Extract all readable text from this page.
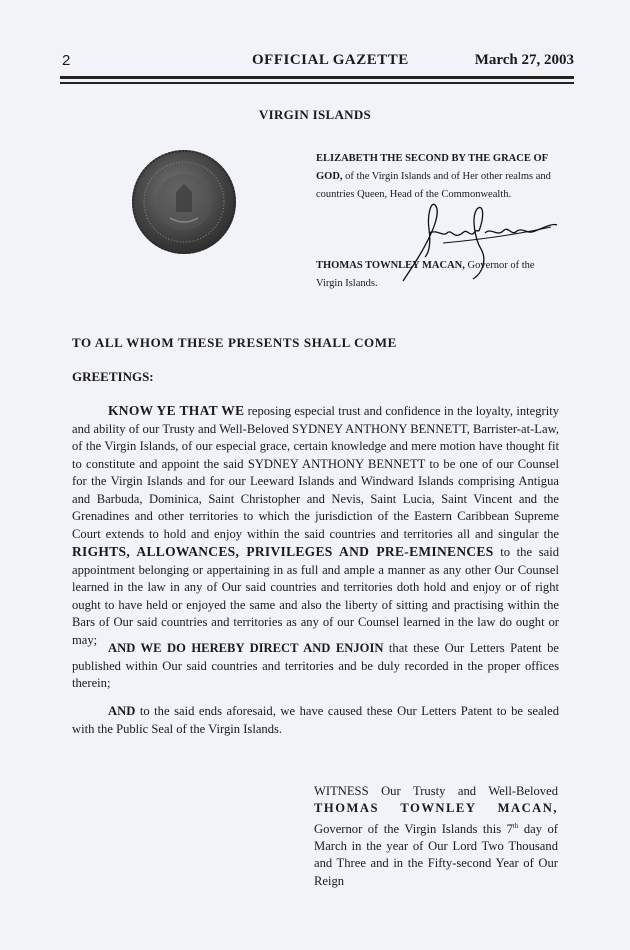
2	OFFICIAL GAZETTE	March 27, 2003
VIRGIN ISLANDS
ELIZABETH THE SECOND BY THE GRACE OF GOD, of the Virgin Islands and of Her other realms and countries Queen, Head of the Commonwealth.
THOMAS TOWNLEY MACAN, Governor of the Virgin Islands.
TO ALL WHOM THESE PRESENTS SHALL COME
GREETINGS:

KNOW YE THAT WE reposing especial trust and confidence in the loyalty, integrity and ability of our Trusty and Well-Beloved SYDNEY ANTHONY BENNETT, Barrister-at-Law, of the Virgin Islands, of our especial grace, certain knowledge and mere motion have thought fit to constitute and appoint the said SYDNEY ANTHONY BENNETT to be one of our Counsel for the Virgin Islands and for our Leeward Islands and Windward Islands comprising Antigua and Barbuda, Dominica, Saint Christopher and Nevis, Saint Lucia, Saint Vincent and the Grenadines and other territories to which the jurisdiction of the Eastern Caribbean Supreme Court extends to hold and enjoy within the said countries and territories all and singular the RIGHTS, ALLOWANCES, PRIVILEGES AND PRE-EMINENCES to the said appointment belonging or appertaining in as full and ample a manner as any other Our Counsel learned in the law in any of Our said countries and territories doth hold and enjoy or of right ought to have held or enjoyed the same and also the liberty of sitting and practising within the Bars of Our said countries and territories as any of our Counsel learned in the law do ought or may;

AND WE DO HEREBY DIRECT AND ENJOIN that these Our Letters Patent be published within Our said countries and territories and be duly recorded in the proper offices therein;

AND to the said ends aforesaid, we have caused these Our Letters Patent to be sealed with the Public Seal of the Virgin Islands.

WITNESS Our Trusty and Well-Beloved THOMAS TOWNLEY MACAN, Governor of the Virgin Islands this 7th day of March in the year of Our Lord Two Thousand and Three and in the Fifty-second Year of Our Reign
